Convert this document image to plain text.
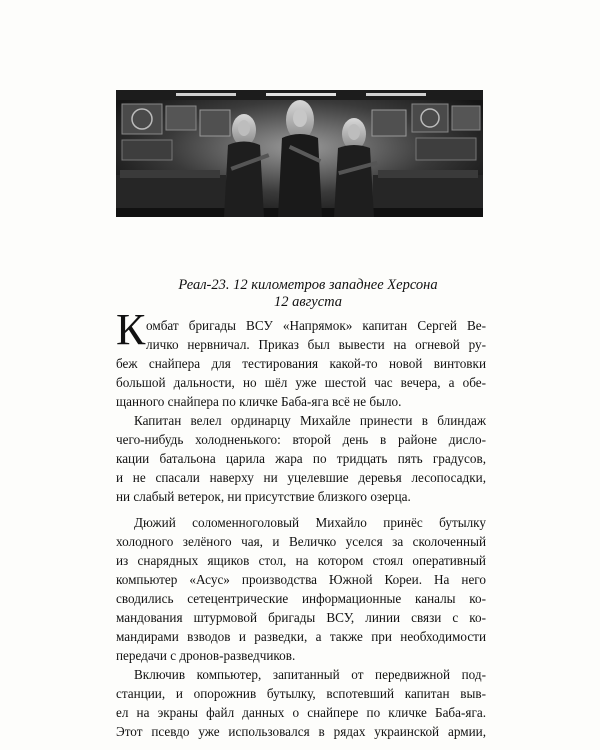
Реал-23. 12 километров западнее Херсона
12 августа
К омбат бригады ВСУ «Напрямок» капитан Сергей Ве-
личко нервничал. Приказ был вывести на огневой ру-
беж снайпера для тестирования какой-то новой винтовки
большой дальности, но шёл уже шестой час вечера, а обе-
щанного снайпера по кличке Баба-яга всё не было.
Капитан велел ординарцу Михайле принести в блиндаж
чего-нибудь холодненького: второй день в районе дисло-
кации батальона царила жара по тридцать пять градусов,
и не спасали наверху ни уцелевшие деревья лесопосадки,
ни слабый ветерок, ни присутствие близкого озерца.
Дюжий соломенноголовый Михайло принёс бутылку
холодного зелёного чая, и Величко уселся за сколоченный
из снарядных ящиков стол, на котором стоял оперативный
компьютер «Асус» производства Южной Кореи. На него
сводились сетецентрические информационные каналы ко-
мандования штурмовой бригады ВСУ, линии связи с ко-
мандирами взводов и разведки, а также при необходимости
передачи с дронов-разведчиков.
Включив компьютер, запитанный от передвижной под-
станции, и опорожнив бутылку, вспотевший капитан выв-
ел на экраны файл данных о снайпере по кличке Баба-яга.
Этот псевдо уже использовался в рядах украинской армии,
